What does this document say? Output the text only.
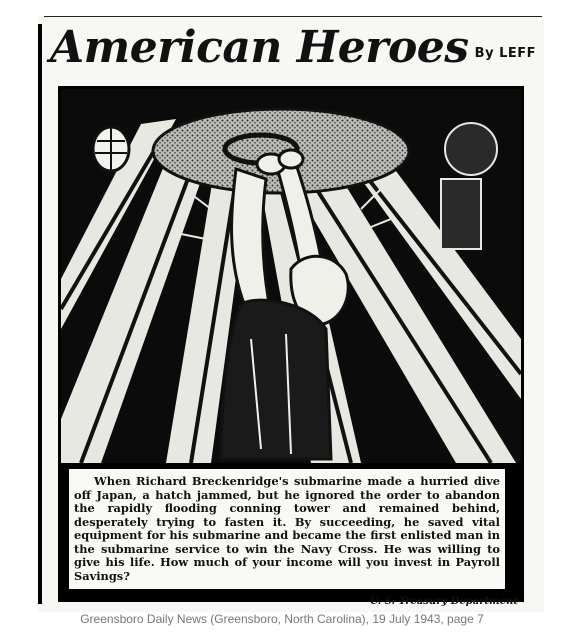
American Heroes By LEFF

When Richard Breckenridge's submarine made a hurried dive off Japan, a hatch jammed, but he ignored the order to abandon the rapidly flooding conning tower and remained behind, desperately trying to fasten it. By succeeding, he saved vital equipment for his submarine and became the first enlisted man in the submarine service to win the Navy Cross. He was willing to give his life. How much of your income will you invest in Payroll Savings?

U. S. Treasury Department
Greensboro Daily News (Greensboro, North Carolina), 19 July 1943, page 7
